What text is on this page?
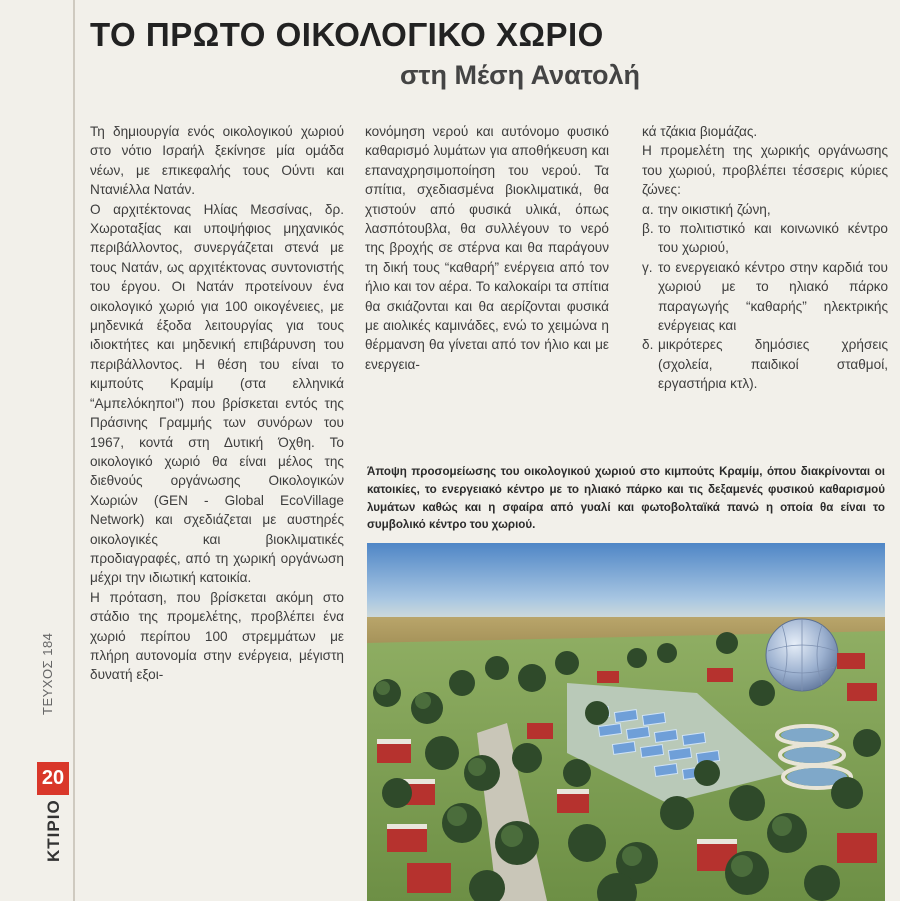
ΤΕΥΧΟΣ 184
20
ΚΤΙΡΙΟ
ΤΟ ΠΡΩΤΟ ΟΙΚΟΛΟΓΙΚΟ ΧΩΡΙΟ
στη Μέση Ανατολή

Τη δημιουργία ενός οικολογικού χωριού στο νότιο Ισραήλ ξεκίνησε μία ομάδα νέων, με επικεφαλής τους Ούντι και Ντανιέλλα Νατάν.

Ο αρχιτέκτονας Ηλίας Μεσσίνας, δρ. Χωροταξίας και υποψήφιος μηχανικός περιβάλλοντος, συνεργάζεται στενά με τους Νατάν, ως αρχιτέκτονας συντονιστής του έργου. Οι Νατάν προτείνουν ένα οικολογικό χωριό για 100 οικογένειες, με μηδενικά έξοδα λειτουργίας για τους ιδιοκτήτες και μηδενική επιβάρυνση του περιβάλλοντος. Η θέση του είναι το κιμπούτς Κραμίμ (στα ελληνικά “Αμπελόκηποι”) που βρίσκεται εντός της Πράσινης Γραμμής των συνόρων του 1967, κοντά στη Δυτική Όχθη. Το οικολογικό χωριό θα είναι μέλος της διεθνούς οργάνωσης Οικολογικών Χωριών (GEN - Global EcoVillage Network) και σχεδιάζεται με αυστηρές οικολογικές και βιοκλιματικές προδιαγραφές, από τη χωρική οργάνωση μέχρι την ιδιωτική κατοικία.

Η πρόταση, που βρίσκεται ακόμη στο στάδιο της προμελέτης, προβλέπει ένα χωριό περίπου 100 στρεμμάτων με πλήρη αυτονομία στην ενέργεια, μέγιστη δυνατή εξοι-

κονόμηση νερού και αυτόνομο φυσικό καθαρισμό λυμάτων για αποθήκευση και επαναχρησιμοποίηση του νερού. Τα σπίτια, σχεδιασμένα βιοκλιματικά, θα χτιστούν από φυσικά υλικά, όπως λασπότουβλα, θα συλλέγουν το νερό της βροχής σε στέρνα και θα παράγουν τη δική τους “καθαρή” ενέργεια από τον ήλιο και τον αέρα. Το καλοκαίρι τα σπίτια θα σκιάζονται και θα αερίζονται φυσικά με αιολικές καμινάδες, ενώ το χειμώνα η θέρμανση θα γίνεται από τον ήλιο και με ενεργεια-

κά τζάκια βιομάζας.

Η προμελέτη της χωρικής οργάνωσης του χωριού, προβλέπει τέσσερις κύριες ζώνες:

α. την οικιστική ζώνη,
β. το πολιτιστικό και κοινωνικό κέντρο του χωριού,
γ. το ενεργειακό κέντρο στην καρδιά του χωριού με το ηλιακό πάρκο παραγωγής “καθαρής” ηλεκτρικής ενέργειας και
δ. μικρότερες δημόσιες χρήσεις (σχολεία, παιδικοί σταθμοί, εργαστήρια κτλ).

Άποψη προσομείωσης του οικολογικού χωριού στο κιμπούτς Κραμίμ, όπου διακρίνονται οι κατοικίες, το ενεργειακό κέντρο με το ηλιακό πάρκο και τις δεξαμενές φυσικού καθαρισμού λυμάτων καθώς και η σφαίρα από γυαλί και φωτοβολταϊκά πανώ η οποία θα είναι το συμβολικό κέντρο του χωριού.
